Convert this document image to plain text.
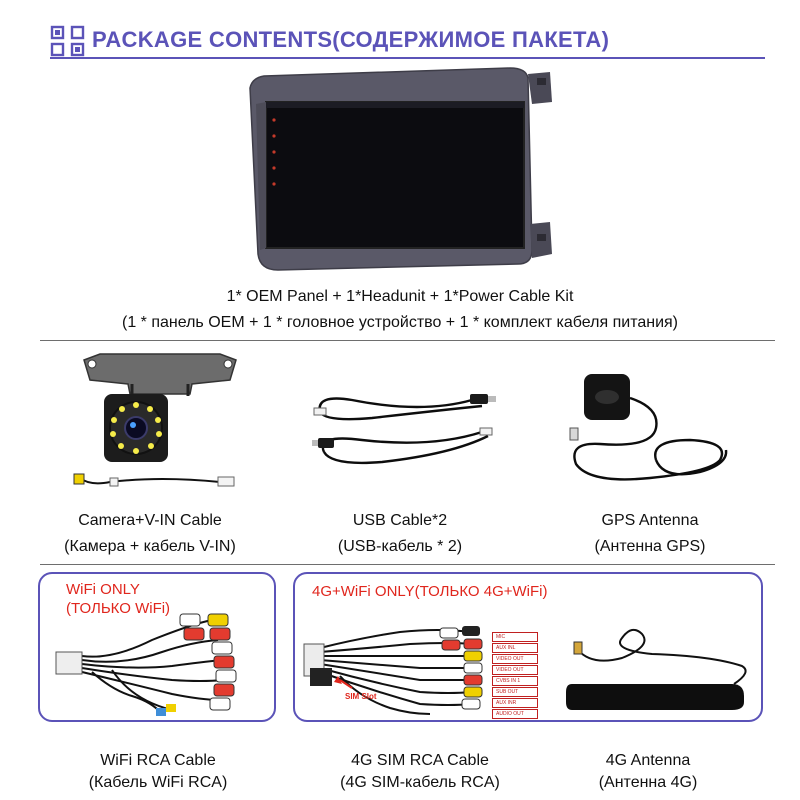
PACKAGE CONTENTS(СОДЕРЖИМОЕ ПАКЕТА)
1* OEM Panel + 1*Headunit + 1*Power Cable Kit
(1 * панель OEM + 1 * головное устройство + 1 * комплект кабеля питания)
Camera+V-IN Cable
(Камера + кабель V-IN)
USB Cable*2
(USB-кабель * 2)
GPS Antenna
(Антенна GPS)
WiFi ONLY
(ТОЛЬКО WiFi)
WiFi RCA Cable
(Кабель WiFi RCA)
4G+WiFi ONLY(ТОЛЬКО 4G+WiFi)
SIM Slot
MIC
AUX INL
VIDEO OUT
VIDEO OUT
CVBS IN 1
SUB OUT
AUX INR
AUDIO OUT
4G SIM RCA Cable
(4G SIM-кабель RCA)
4G Antenna
(Антенна 4G)
